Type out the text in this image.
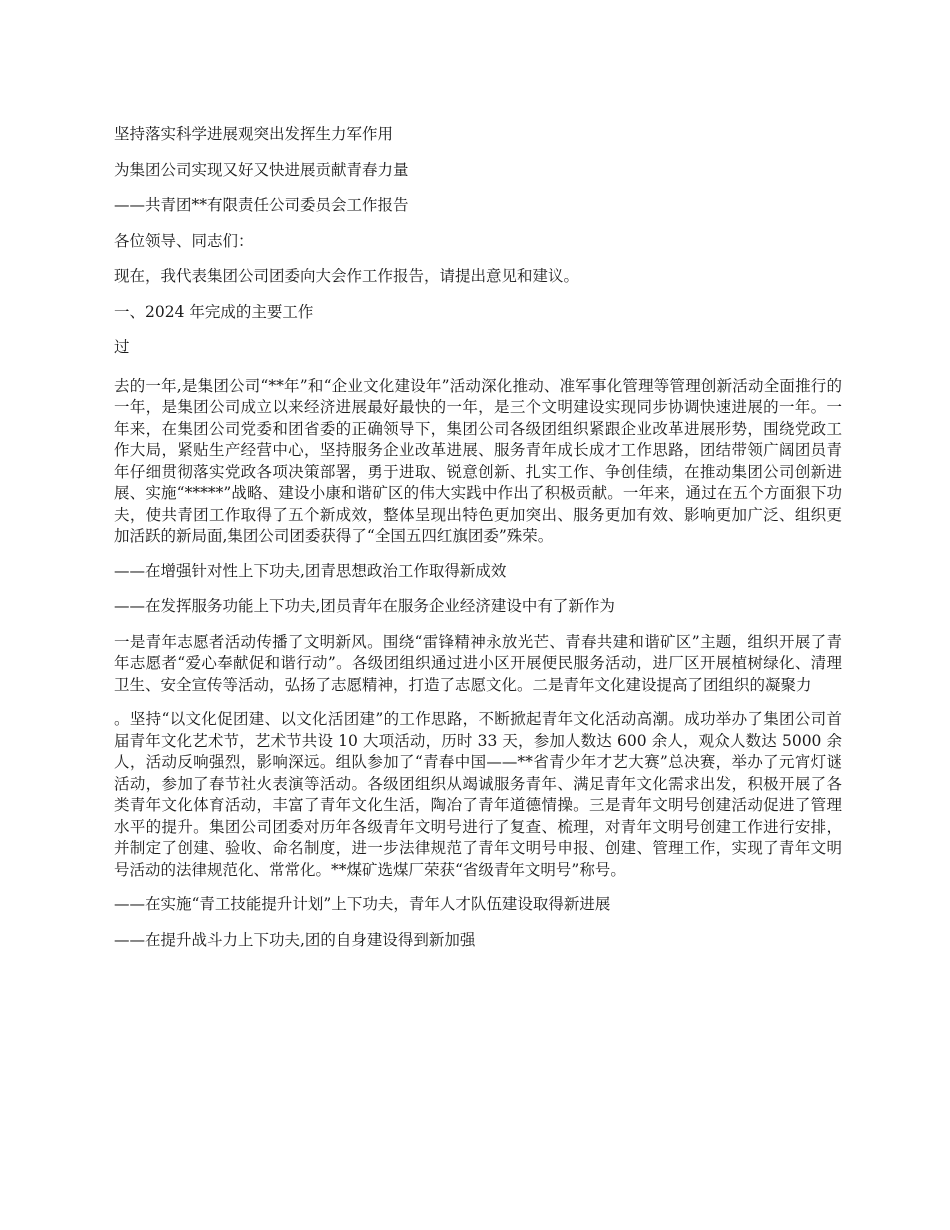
坚持落实科学进展观突出发挥生力军作用

为集团公司实现又好又快进展贡献青春力量

——共青团**有限责任公司委员会工作报告

各位领导、同志们：

现在，我代表集团公司团委向大会作工作报告，请提出意见和建议。

一、2024 年完成的主要工作

过

去的一年,是集团公司“**年”和“企业文化建设年”活动深化推动、准军事化管理等管理创新活动全面推行的一年，是集团公司成立以来经济进展最好最快的一年，是三个文明建设实现同步协调快速进展的一年。一年来，在集团公司党委和团省委的正确领导下，集团公司各级团组织紧跟企业改革进展形势，围绕党政工作大局，紧贴生产经营中心，坚持服务企业改革进展、服务青年成长成才工作思路，团结带领广阔团员青年仔细贯彻落实党政各项决策部署，勇于进取、锐意创新、扎实工作、争创佳绩，在推动集团公司创新进展、实施“*****”战略、建设小康和谐矿区的伟大实践中作出了积极贡献。一年来，通过在五个方面狠下功夫，使共青团工作取得了五个新成效，整体呈现出特色更加突出、服务更加有效、影响更加广泛、组织更加活跃的新局面,集团公司团委获得了“全国五四红旗团委”殊荣。

——在增强针对性上下功夫,团青思想政治工作取得新成效

——在发挥服务功能上下功夫,团员青年在服务企业经济建设中有了新作为

一是青年志愿者活动传播了文明新风。围绕“雷锋精神永放光芒、青春共建和谐矿区”主题，组织开展了青年志愿者“爱心奉献促和谐行动”。各级团组织通过进小区开展便民服务活动，进厂区开展植树绿化、清理卫生、安全宣传等活动，弘扬了志愿精神，打造了志愿文化。二是青年文化建设提高了团组织的凝聚力

。坚持“以文化促团建、以文化活团建”的工作思路，不断掀起青年文化活动高潮。成功举办了集团公司首届青年文化艺术节，艺术节共设 10 大项活动，历时 33 天，参加人数达 600 余人，观众人数达 5000 余人，活动反响强烈，影响深远。组队参加了“青春中国——**省青少年才艺大赛”总决赛，举办了元宵灯谜活动，参加了春节社火表演等活动。各级团组织从竭诚服务青年、满足青年文化需求出发，积极开展了各类青年文化体育活动，丰富了青年文化生活，陶冶了青年道德情操。三是青年文明号创建活动促进了管理水平的提升。集团公司团委对历年各级青年文明号进行了复查、梳理，对青年文明号创建工作进行安排，并制定了创建、验收、命名制度，进一步法律规范了青年文明号申报、创建、管理工作，实现了青年文明号活动的法律规范化、常常化。**煤矿选煤厂荣获“省级青年文明号”称号。

——在实施“青工技能提升计划”上下功夫，青年人才队伍建设取得新进展

——在提升战斗力上下功夫,团的自身建设得到新加强
